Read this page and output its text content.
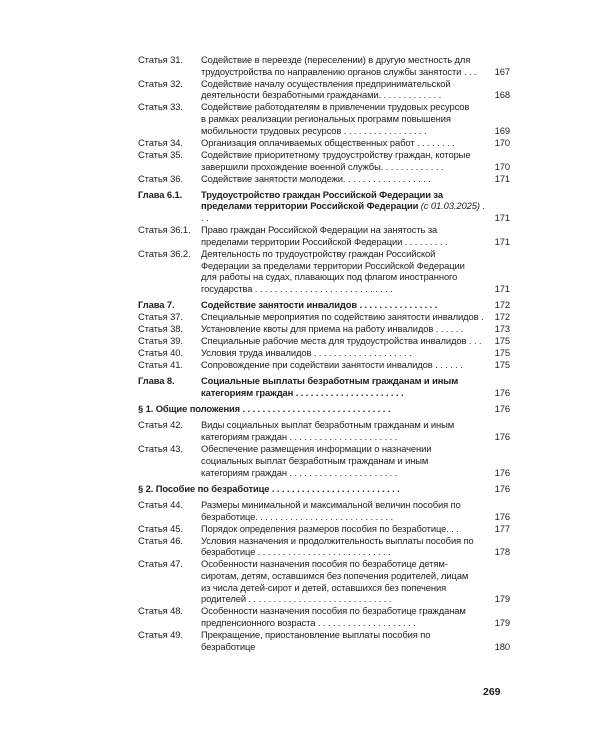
Статья 31.	Содействие в переезде (переселении) в другую местность для
трудоустройства по направлению органов службы занятости . . .	167
Статья 32.	Содействие началу осуществления предпринимательской
деятельности безработными гражданами. . . . . . . . . . . . .	168
Статья 33.	Содействие работодателям в привлечении трудовых ресурсов
в рамках реализации региональных программ повышения
мобильности трудовых ресурсов . . . . . . . . . . . . . . . . .	169
Статья 34.	Организация оплачиваемых общественных работ . . . . . . . .	170
Статья 35.	Содействие приоритетному трудоустройству граждан, которые
завершили прохождение военной службы. . . . . . . . . . . . .	170
Статья 36.	Содействие занятости молодежи. . . . . . . . . . . . . . . . . .	171
Глава 6.1.	Трудоустройство граждан Российской Федерации за
пределами территории Российской Федерации (с 01.03.2025) . . .	171
Статья 36.1.	Право граждан Российской Федерации на занятость за
пределами территории Российской Федерации . . . . . . . . .	171
Статья 36.2.	Деятельность по трудоустройству граждан Российской
Федерации за пределами территории Российской Федерации
для работы на судах, плавающих под флагом иностранного
государства . . . . . . . . . . . . . . . . . . . . . . . . . . . .	171
Глава 7.	Содействие занятости инвалидов . . . . . . . . . . . . . . . .	172
Статья 37.	Специальные мероприятия по содействию занятости инвалидов .	172
Статья 38.	Установление квоты для приема на работу инвалидов . . . . . .	173
Статья 39.	Специальные рабочие места для трудоустройства инвалидов . . .	175
Статья 40.	Условия труда инвалидов . . . . . . . . . . . . . . . . . . . .	175
Статья 41.	Сопровождение при содействии занятости инвалидов . . . . . .	175
Глава 8.	Социальные выплаты безработным гражданам и иным
категориям граждан . . . . . . . . . . . . . . . . . . . . . .	176
§ 1. Общие положения . . . . . . . . . . . . . . . . . . . . . . . . . . . . . .	176
Статья 42.	Виды социальных выплат безработным гражданам и иным
категориям граждан . . . . . . . . . . . . . . . . . . . . . .	176
Статья 43.	Обеспечение размещения информации о назначении
социальных выплат безработным гражданам и иным
категориям граждан . . . . . . . . . . . . . . . . . . . . . .	176
§ 2. Пособие по безработице . . . . . . . . . . . . . . . . . . . . . . . . . .	176
Статья 44.	Размеры минимальной и максимальной величин пособия по
безработице. . . . . . . . . . . . . . . . . . . . . . . . . . . .	176
Статья 45.	Порядок определения размеров пособия по безработице. . .	177
Статья 46.	Условия назначения и продолжительность выплаты пособия по
безработице . . . . . . . . . . . . . . . . . . . . . . . . . . .	178
Статья 47.	Особенности назначения пособия по безработице детям-
сиротам, детям, оставшимся без попечения родителей, лицам
из числа детей-сирот и детей, оставшихся без попечения
родителей . . . . . . . . . . . . . . . . . . . . . . . . . . . . .	179
Статья 48.	Особенности назначения пособия по безработице гражданам
предпенсионного возраста . . . . . . . . . . . . . . . . . . . .	179
Статья 49.	Прекращение, приостановление выплаты пособия по безработице	180
269
